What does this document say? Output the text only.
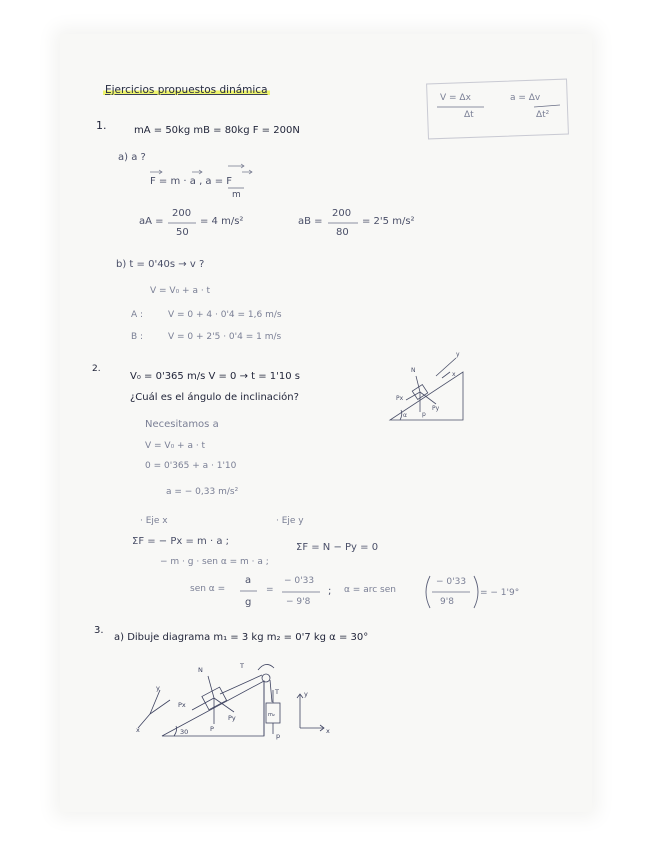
Ejercicios propuestos dinámica
V = Δx
Δt
a = Δv
Δt²
1.	mA = 50kg mB = 80kg F = 200N
a) a ?
F = m · a , a = F
m
aA =
200
50
= 4 m/s²	aB =
200
80
= 2'5 m/s²
b) t = 0'40s → v ?
V = V₀ + a · t
A :	V = 0 + 4 · 0'4 = 1,6 m/s
B :	V = 0 + 2'5 · 0'4 = 1 m/s
2.
V₀ = 0'365 m/s V = 0 → t = 1'10 s
¿Cuál es el ángulo de inclinación?
Necesitamos a
V = V₀ + a · t
0 = 0'365 + a · 1'10
a = − 0,33 m/s²
· Eje x	· Eje y
ΣF = − Px = m · a ;
ΣF = N − Py = 0
− m · g · sen α = m · a ;
sen α =
a
g
=
− 0'33
− 9'8
; α = arc sen
− 0'33
9'8
= − 1'9°
3.
a) Dibuje diagrama m₁ = 3 kg m₂ = 0'7 kg α = 30°
N
y
x
Px
Py
p
α
N	T
T
y
x
Px
Py
P
30	p
m₂
y
x
